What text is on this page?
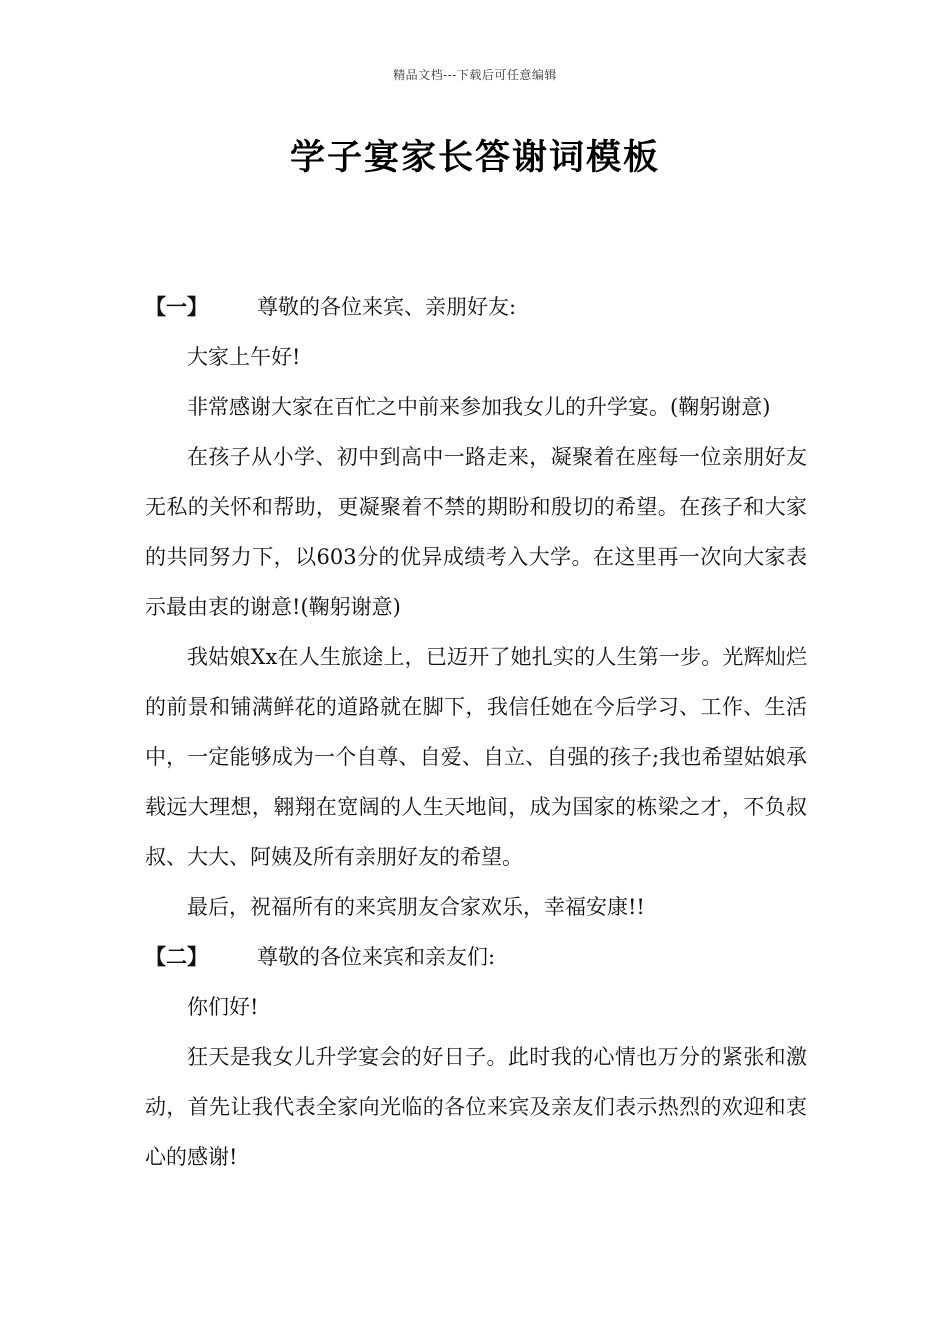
精品文档---下载后可任意编辑
学子宴家长答谢词模板

【一】 尊敬的各位来宾、亲朋好友:

大家上午好!

非常感谢大家在百忙之中前来参加我女儿的升学宴。(鞠躬谢意)

在孩子从小学、初中到高中一路走来，凝聚着在座每一位亲朋好友无私的关怀和帮助，更凝聚着不禁的期盼和殷切的希望。在孩子和大家的共同努力下，以603分的优异成绩考入大学。在这里再一次向大家表示最由衷的谢意!(鞠躬谢意)

我姑娘Xx在人生旅途上，已迈开了她扎实的人生第一步。光辉灿烂的前景和铺满鲜花的道路就在脚下，我信任她在今后学习、工作、生活中，一定能够成为一个自尊、自爱、自立、自强的孩子;我也希望姑娘承载远大理想，翱翔在宽阔的人生天地间，成为国家的栋梁之才，不负叔叔、大大、阿姨及所有亲朋好友的希望。

最后，祝福所有的来宾朋友合家欢乐，幸福安康!!

【二】 尊敬的各位来宾和亲友们:

你们好!

狂天是我女儿升学宴会的好日子。此时我的心情也万分的紧张和激动，首先让我代表全家向光临的各位来宾及亲友们表示热烈的欢迎和衷心的感谢!
